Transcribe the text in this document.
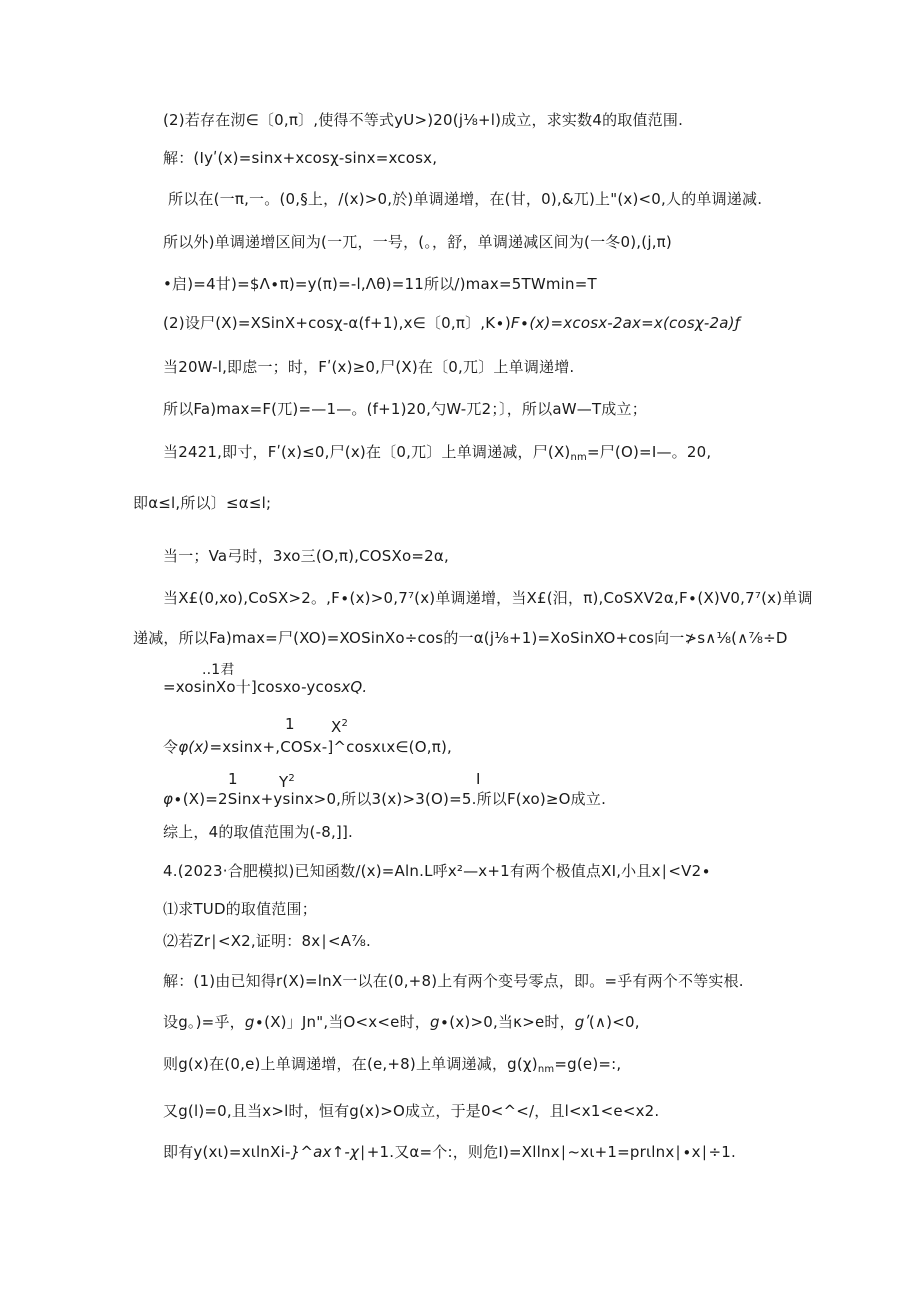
(2)若存在沏∈〔0,π〕,使得不等式yU>)20(j⅛+l)成立，求实数4的取值范围.
解：(Iyʹ(x)=sinx+xcosχ-sinx=xcosx,
所以在(一π,一。(0,§上，/(x)>0,於)单调递增，在(甘，0),&兀)上"(x)<0,人的单调递减.
所以外)单调递增区间为(一兀，一号，(。，舒，单调递减区间为(一冬0),(j,π)
•启)=4甘)=$Λ∙π)=y(π)=-l,Λθ)=11所以/)max=5TWmin=T
(2)设尸(X)=XSinX+cosχ-α(f+1),x∈〔0,π〕,K∙)F∙(x)=xcosx-2ax=x(cosχ-2a)ƒ
当20W-l,即虑一；时，Fʹ(x)≥0,尸(X)在〔0,兀〕上单调递增.
所以Fa)max=F(兀)=—1—。(f+1)20,勺W-兀2；〕，所以aW—T成立；
当2421,即寸，Fʹ(x)≤0,尸(x)在〔0,兀〕上单调递减，尸$(X)_{nm}=$尸(O)=I—。20,
即α≤l,所以〕≤α≤l;
当一；Va弓时，3xo三(O,π),COSXo=2α,
当X£(0,xo),CoSX>2。,F∙(x)>0,7⁷(x)单调递增，当X£(汨，π),CoSXV2α,F∙(X)V0,7⁷(x)单调
递减，所以Fa)max=尸(XO)=XOSinXo÷cos的一α(j⅛+1)=XoSinXO+cos向一≯s∧⅛(∧⅞÷D
..1君
=xosinXo十]cosxo-ycosxQ.
1 $X^2$
令φ(x)=xsinx+,COSx-]^cosxιx∈(O,π),
1	$Y^2$	I
φ∙(X)=2Sinx+ysinx>0,所以3(x)>3(O)=5.所以F(xo)≥O成立.
综上，4的取值范围为(-8,]].
4.(2023·合肥模拟)已知函数/(x)=Aln.L呼x²—x+1有两个极值点XI,小且x∣<V2∙
⑴求TUD的取值范围；
⑵若Zr∣<X2,证明：8x∣<A⅞.
解：(1)由已知得r(X)=lnX一以在(0,+8)上有两个变号零点，即。=乎有两个不等实根.
设g。)=乎，g∙(X)」Jn",当O<x<e时，g∙(x)>0,当κ>e时，gʹ(∧)<0,
则g(x)在(0,e)上单调递增，在(e,+8)上单调递减，$g(\chi)_{nm}=g(e)=$:,
又g(l)=0,且当x>l时，恒有g(x)>O成立，于是0<^</，且l<x1<e<x2.
即有y(xι)=xιlnXi-}^ax↑-χ∣+1.又α=个:，则危I)=Xllnx∣~xι+1=prιlnx∣∙x∣÷1.
